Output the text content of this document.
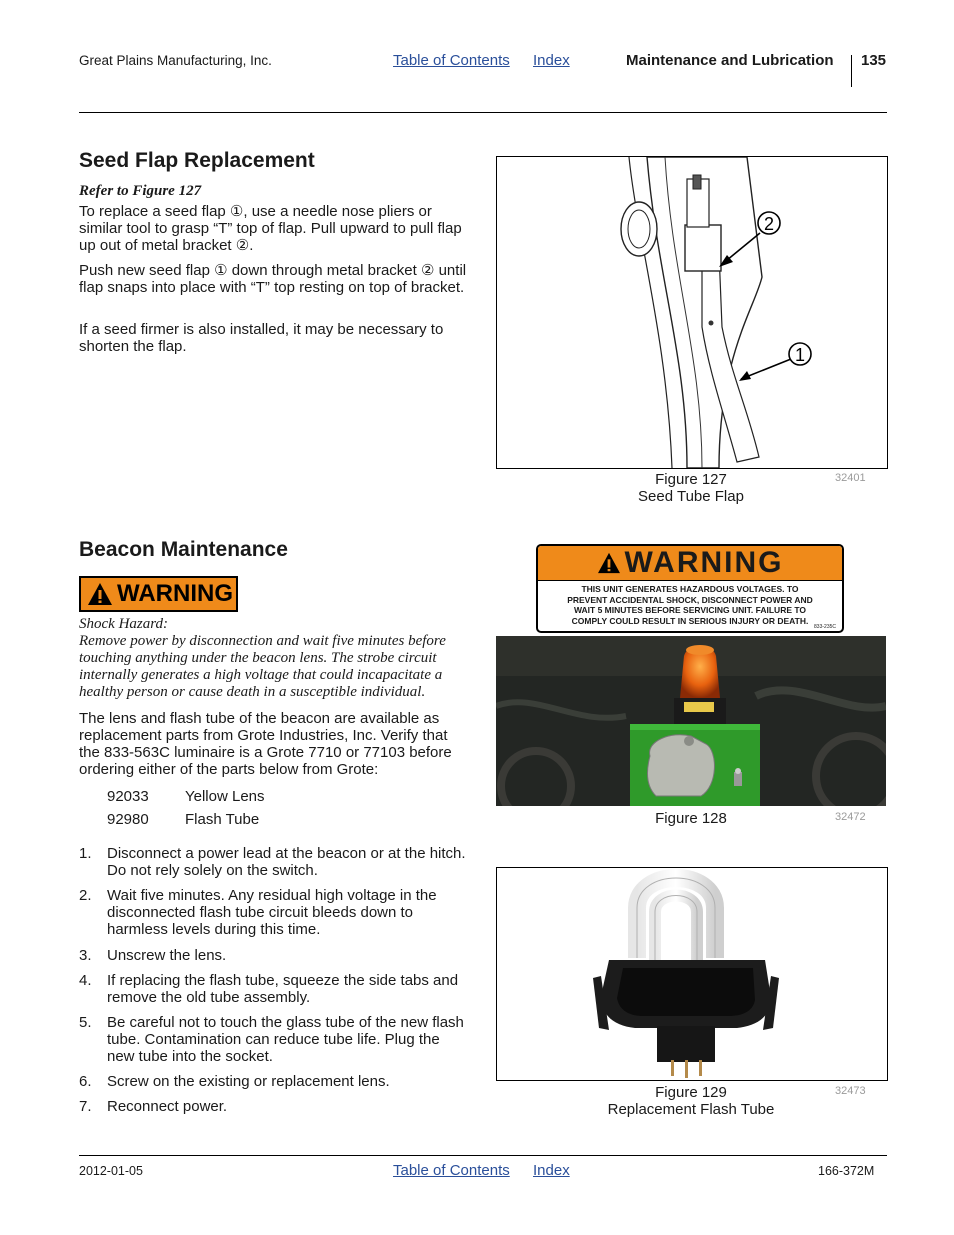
Great Plains Manufacturing, Inc.	Table of Contents Index	Maintenance and Lubrication 135
Seed Flap Replacement
Refer to Figure 127
To replace a seed flap ①, use a needle nose pliers or similar tool to grasp “T” top of flap. Pull upward to pull flap up out of metal bracket ②.
Push new seed flap ① down through metal bracket ② until flap snaps into place with “T” top resting on top of bracket.
If a seed firmer is also installed, it may be necessary to shorten the flap.
2
1
Figure 127
Seed Tube Flap
32401
Beacon Maintenance
WARNING
Shock Hazard:
Remove power by disconnection and wait five minutes before touching anything under the beacon lens. The strobe circuit internally generates a high voltage that could incapacitate a healthy person or cause death in a susceptible individual.
The lens and flash tube of the beacon are available as replacement parts from Grote Industries, Inc. Verify that the 833-563C luminaire is a Grote 7710 or 77103 before ordering either of the parts below from Grote:
92033 Yellow Lens
92980 Flash Tube
1. Disconnect a power lead at the beacon or at the hitch. Do not rely solely on the switch.
2. Wait five minutes. Any residual high voltage in the disconnected flash tube circuit bleeds down to harmless levels during this time.
3. Unscrew the lens.
4. If replacing the flash tube, squeeze the side tabs and remove the old tube assembly.
5. Be careful not to touch the glass tube of the new flash tube. Contamination can reduce tube life. Plug the new tube into the socket.
6. Screw on the existing or replacement lens.
7. Reconnect power.
WARNING
THIS UNIT GENERATES HAZARDOUS VOLTAGES. TO
PREVENT ACCIDENTAL SHOCK, DISCONNECT POWER AND
WAIT 5 MINUTES BEFORE SERVICING UNIT. FAILURE TO
COMPLY COULD RESULT IN SERIOUS INJURY OR DEATH.
833-235C
Figure 128	32472
Figure 129
Replacement Flash Tube
32473
2012-01-05	Table of Contents Index	166-372M
